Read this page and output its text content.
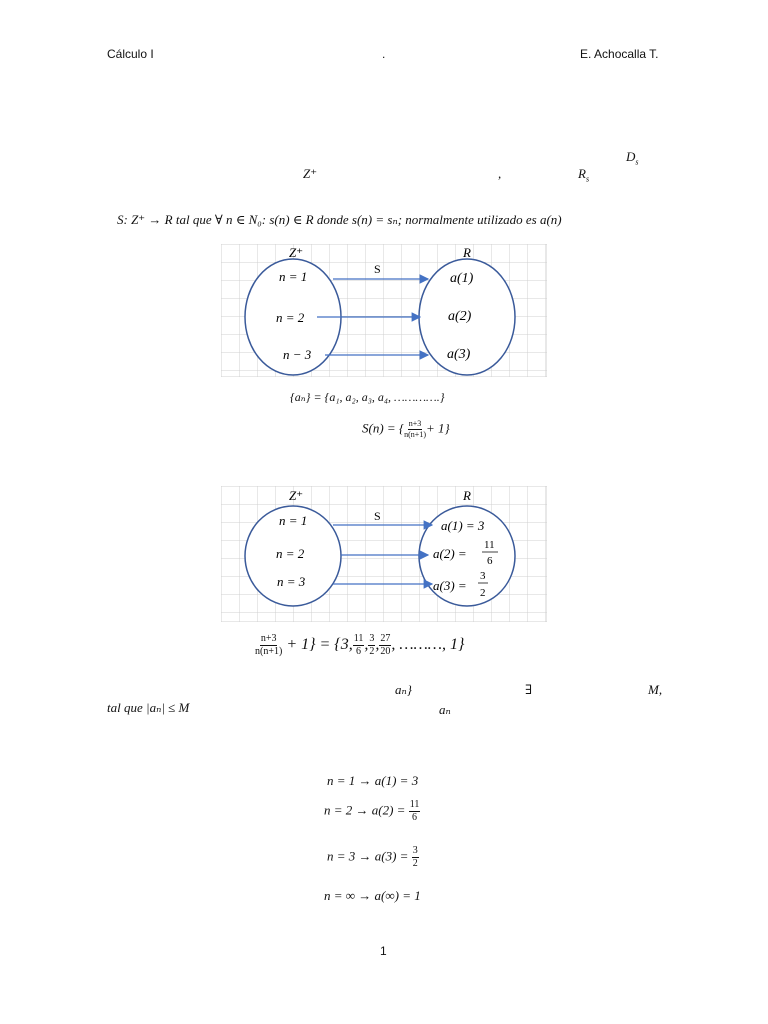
Cálculo I	.	E. Achocalla T.
$D_s$
Z⁺	,	$R_s$
S: Z⁺ → R tal que ∀ n ∈ N₀: s(n) ∈ R donde s(n) = sₙ; normalmente utilizado es a(n)
Z⁺	R
S
n = 1
n = 2
n − 3
a(1)
a(2)
a(3)
{aₙ} = {a₁, a₂, a₃, a₄, ………….}
S(n) = { $\frac{n+3}{n(n+1)} + 1$}
Z⁺	R
S
n = 1
n = 2
n = 3
a(1) = 3
a(2) =
11
6
a(3) =
3
2
$\frac{n+3}{n(n+1)} + 1\} = \{3$, $\frac{11}{6}$ , $\frac{3}{2}$ , $\frac{27}{20}$ , ………, 1}
aₙ}	∃	M,
tal que |aₙ| ≤ M	aₙ
n = 1 → a(1) = 3
$n = 2 \to a(2) = \frac{11}{6}$
$n = 3 \to a(3) = \frac{3}{2}$
n = ∞ → a(∞) = 1
1
